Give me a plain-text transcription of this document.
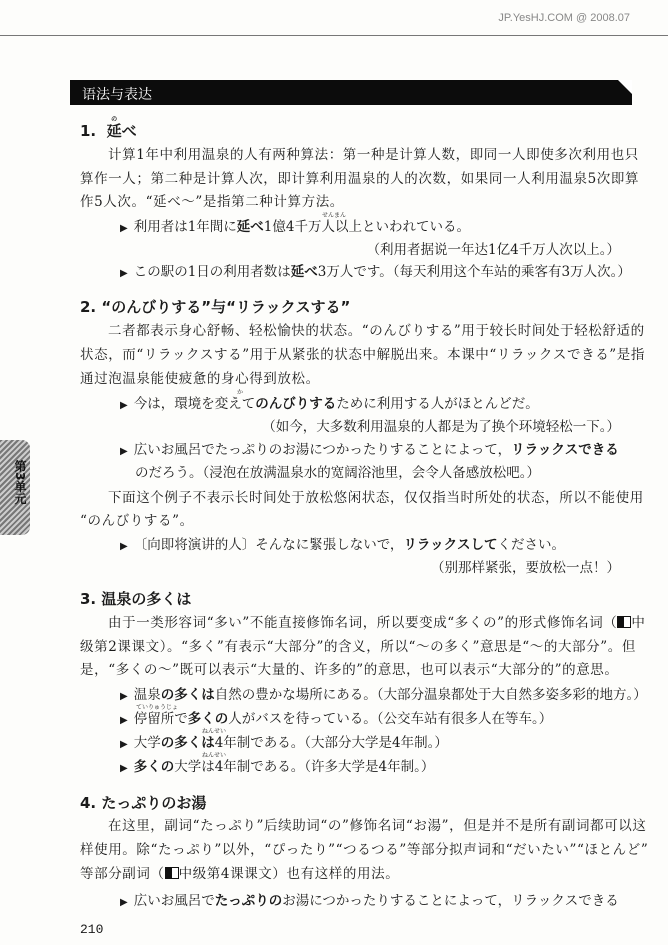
JP.YesHJ.COM @ 2008.07
语法与表达
第3单元
1. 延のべ
计算1年中利用温泉的人有两种算法：第一种是计算人数，即同一人即使多次利用也只
算作一人；第二种是计算人次，即计算利用温泉的人的次数，如果同一人利用温泉5次即算
作5人次。“延べ～”是指第二种计算方法。
▶ 利用者は1年間に延べ1億4千万人以上といわれている。
（利用者据说一年达1亿4千万人次以上。）
▶ この駅の1日の利用者数は延べ3万人です。（每天利用这个车站的乘客有3万人次。）
2. “のんびりする”与“リラックスする”
二者都表示身心舒畅、轻松愉快的状态。“のんびりする”用于较长时间处于轻松舒适的
状态，而“リラックスする”用于从紧张的状态中解脱出来。本课中“リラックスできる”是指
通过泡温泉能使疲惫的身心得到放松。
▶ 今は，環境を変えてのんびりするために利用する人がほとんどだ。
（如今，大多数利用温泉的人都是为了换个环境轻松一下。）
▶ 広いお風呂でたっぷりのお湯につかったりすることによって，リラックスできる
のだろう。（浸泡在放满温泉水的宽阔浴池里，会令人备感放松吧。）
下面这个例子不表示长时间处于放松悠闲状态，仅仅指当时所处的状态，所以不能使用
“のんびりする”。
▶ 〔向即将演讲的人〕そんなに緊張しないで，リラックスしてください。
（别那样紧张，要放松一点！）
3. 温泉の多くは
由于一类形容词“多い”不能直接修饰名词，所以要变成“多くの”的形式修饰名词（ 中
级第2课课文）。“多く”有表示“大部分”的含义，所以“～の多く”意思是“～的大部分”。但
是，“多くの～”既可以表示“大量的、许多的”的意思，也可以表示“大部分的”的意思。
▶ 温泉の多くは自然の豊かな場所にある。（大部分温泉都处于大自然多姿多彩的地方。）
▶ 停留所で多くの人がバスを待っている。（公交车站有很多人在等车。）
▶ 大学の多くは4年制である。（大部分大学是4年制。）
▶ 多くの大学は4年制である。（许多大学是4年制。）
4. たっぷりのお湯
在这里，副词“たっぷり”后续助词“の”修饰名词“お湯”，但是并不是所有副词都可以这
样使用。除“たっぷり”以外，“ぴったり”“つるつる”等部分拟声词和“だいたい”“ほとんど”
等部分副词（ 中级第4课课文）也有这样的用法。
▶ 広いお風呂でたっぷりのお湯につかったりすることによって，リラックスできる
210
せんまん
か
ていりゅうじょ
ねんせい
ねんせい
